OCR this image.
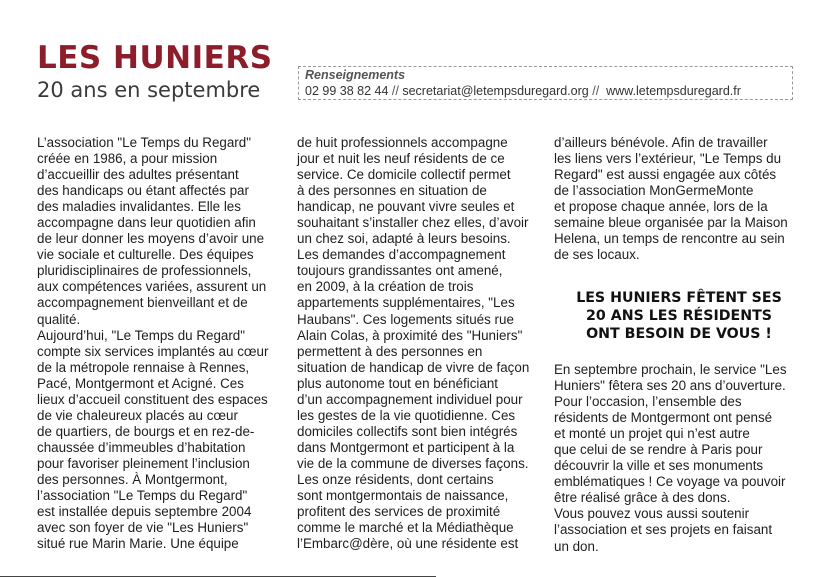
LES HUNIERS
20 ans en septembre
Renseignements
02 99 38 82 44 // secretariat@letempsduregard.org // www.letempsduregard.fr

L’association "Le Temps du Regard"
créée en 1986, a pour mission
d’accueillir des adultes présentant
des handicaps ou étant affectés par
des maladies invalidantes. Elle les
accompagne dans leur quotidien afin
de leur donner les moyens d’avoir une
vie sociale et culturelle. Des équipes
pluridisciplinaires de professionnels,
aux compétences variées, assurent un
accompagnement bienveillant et de
qualité.
Aujourd’hui, "Le Temps du Regard"
compte six services implantés au cœur
de la métropole rennaise à Rennes,
Pacé, Montgermont et Acigné. Ces
lieux d’accueil constituent des espaces
de vie chaleureux placés au cœur
de quartiers, de bourgs et en rez-de-
chaussée d’immeubles d’habitation
pour favoriser pleinement l’inclusion
des personnes. À Montgermont,
l’association "Le Temps du Regard"
est installée depuis septembre 2004
avec son foyer de vie "Les Huniers"
situé rue Marin Marie. Une équipe

de huit professionnels accompagne
jour et nuit les neuf résidents de ce
service. Ce domicile collectif permet
à des personnes en situation de
handicap, ne pouvant vivre seules et
souhaitant s’installer chez elles, d’avoir
un chez soi, adapté à leurs besoins.
Les demandes d’accompagnement
toujours grandissantes ont amené,
en 2009, à la création de trois
appartements supplémentaires, "Les
Haubans". Ces logements situés rue
Alain Colas, à proximité des "Huniers"
permettent à des personnes en
situation de handicap de vivre de façon
plus autonome tout en bénéficiant
d’un accompagnement individuel pour
les gestes de la vie quotidienne. Ces
domiciles collectifs sont bien intégrés
dans Montgermont et participent à la
vie de la commune de diverses façons.
Les onze résidents, dont certains
sont montgermontais de naissance,
profitent des services de proximité
comme le marché et la Médiathèque
l’Embarc@dère, où une résidente est

d’ailleurs bénévole. Afin de travailler
les liens vers l’extérieur, "Le Temps du
Regard" est aussi engagée aux côtés
de l’association MonGermeMonte
et propose chaque année, lors de la
semaine bleue organisée par la Maison
Helena, un temps de rencontre au sein
de ses locaux.

LES HUNIERS FÊTENT SES
20 ANS LES RÉSIDENTS
ONT BESOIN DE VOUS !

En septembre prochain, le service "Les
Huniers" fêtera ses 20 ans d’ouverture.
Pour l’occasion, l’ensemble des
résidents de Montgermont ont pensé
et monté un projet qui n’est autre
que celui de se rendre à Paris pour
découvrir la ville et ses monuments
emblématiques ! Ce voyage va pouvoir
être réalisé grâce à des dons.
Vous pouvez vous aussi soutenir
l’association et ses projets en faisant
un don.
